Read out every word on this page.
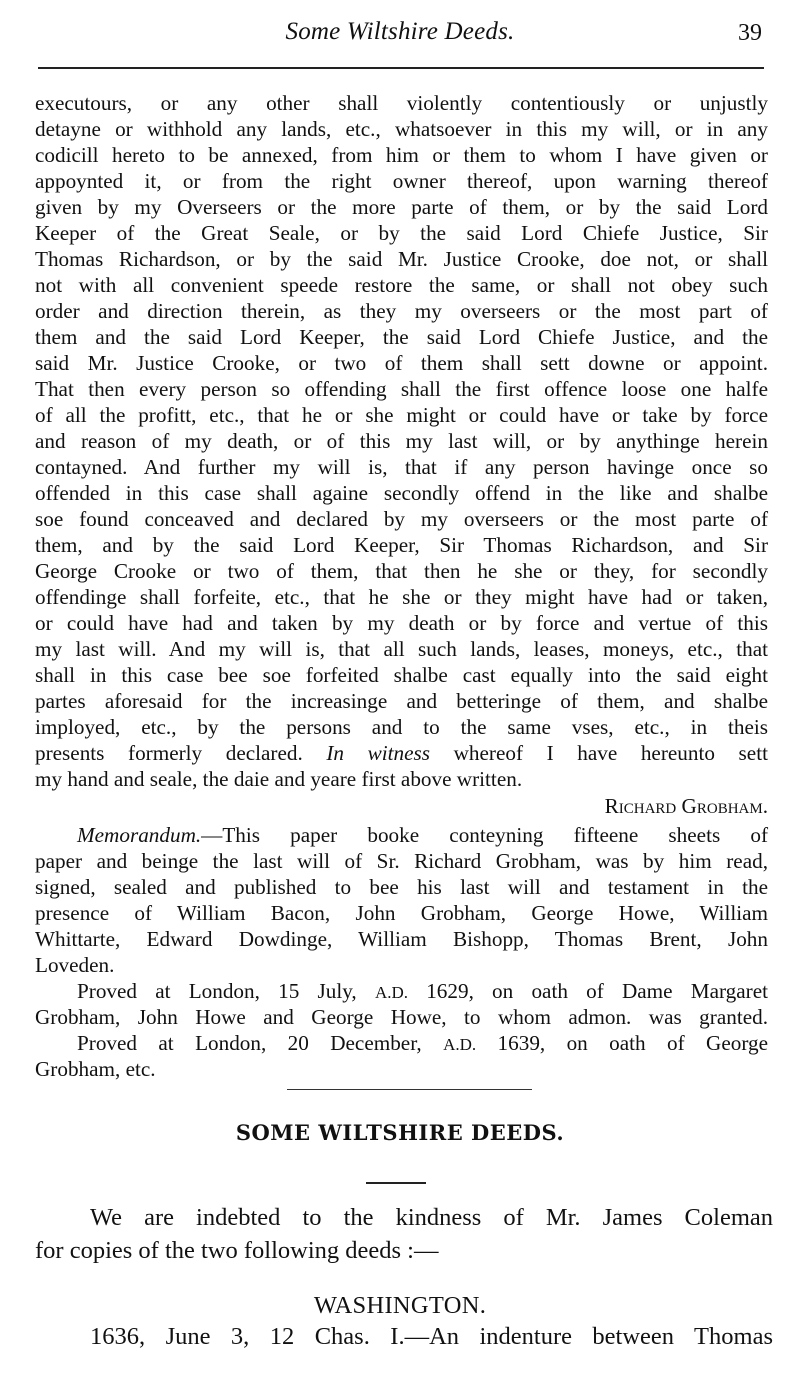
Some Wiltshire Deeds.	39
executours, or any other shall violently contentiously or unjustly
detayne or withhold any lands, etc., whatsoever in this my will, or in any
codicill hereto to be annexed, from him or them to whom I have given or
appoynted it, or from the right owner thereof, upon warning thereof
given by my Overseers or the more parte of them, or by the said Lord
Keeper of the Great Seale, or by the said Lord Chiefe Justice, Sir
Thomas Richardson, or by the said Mr. Justice Crooke, doe not, or shall
not with all convenient speede restore the same, or shall not obey such
order and direction therein, as they my overseers or the most part of
them and the said Lord Keeper, the said Lord Chiefe Justice, and the
said Mr. Justice Crooke, or two of them shall sett downe or appoint.
That then every person so offending shall the first offence loose one halfe
of all the profitt, etc., that he or she might or could have or take by force
and reason of my death, or of this my last will, or by anythinge herein
contayned. And further my will is, that if any person havinge once so
offended in this case shall againe secondly offend in the like and shalbe
soe found conceaved and declared by my overseers or the most parte of
them, and by the said Lord Keeper, Sir Thomas Richardson, and Sir
George Crooke or two of them, that then he she or they, for secondly
offendinge shall forfeite, etc., that he she or they might have had or taken,
or could have had and taken by my death or by force and vertue of this
my last will. And my will is, that all such lands, leases, moneys, etc., that
shall in this case bee soe forfeited shalbe cast equally into the said eight
partes aforesaid for the increasinge and betteringe of them, and shalbe
imployed, etc., by the persons and to the same vses, etc., in theis
presents formerly declared. In witness whereof I have hereunto sett
my hand and seale, the daie and yeare first above written.
Richard Grobham.
Memorandum.—This paper booke conteyning fifteene sheets of
paper and beinge the last will of Sr. Richard Grobham, was by him read,
signed, sealed and published to bee his last will and testament in the
presence of William Bacon, John Grobham, George Howe, William
Whittarte, Edward Dowdinge, William Bishopp, Thomas Brent, John
Loveden.
Proved at London, 15 July, A.D. 1629, on oath of Dame Margaret
Grobham, John Howe and George Howe, to whom admon. was granted.
Proved at London, 20 December, A.D. 1639, on oath of George
Grobham, etc.
SOME WILTSHIRE DEEDS.
We are indebted to the kindness of Mr. James Coleman
for copies of the two following deeds :—
WASHINGTON.
1636, June 3, 12 Chas. I.—An indenture between Thomas
